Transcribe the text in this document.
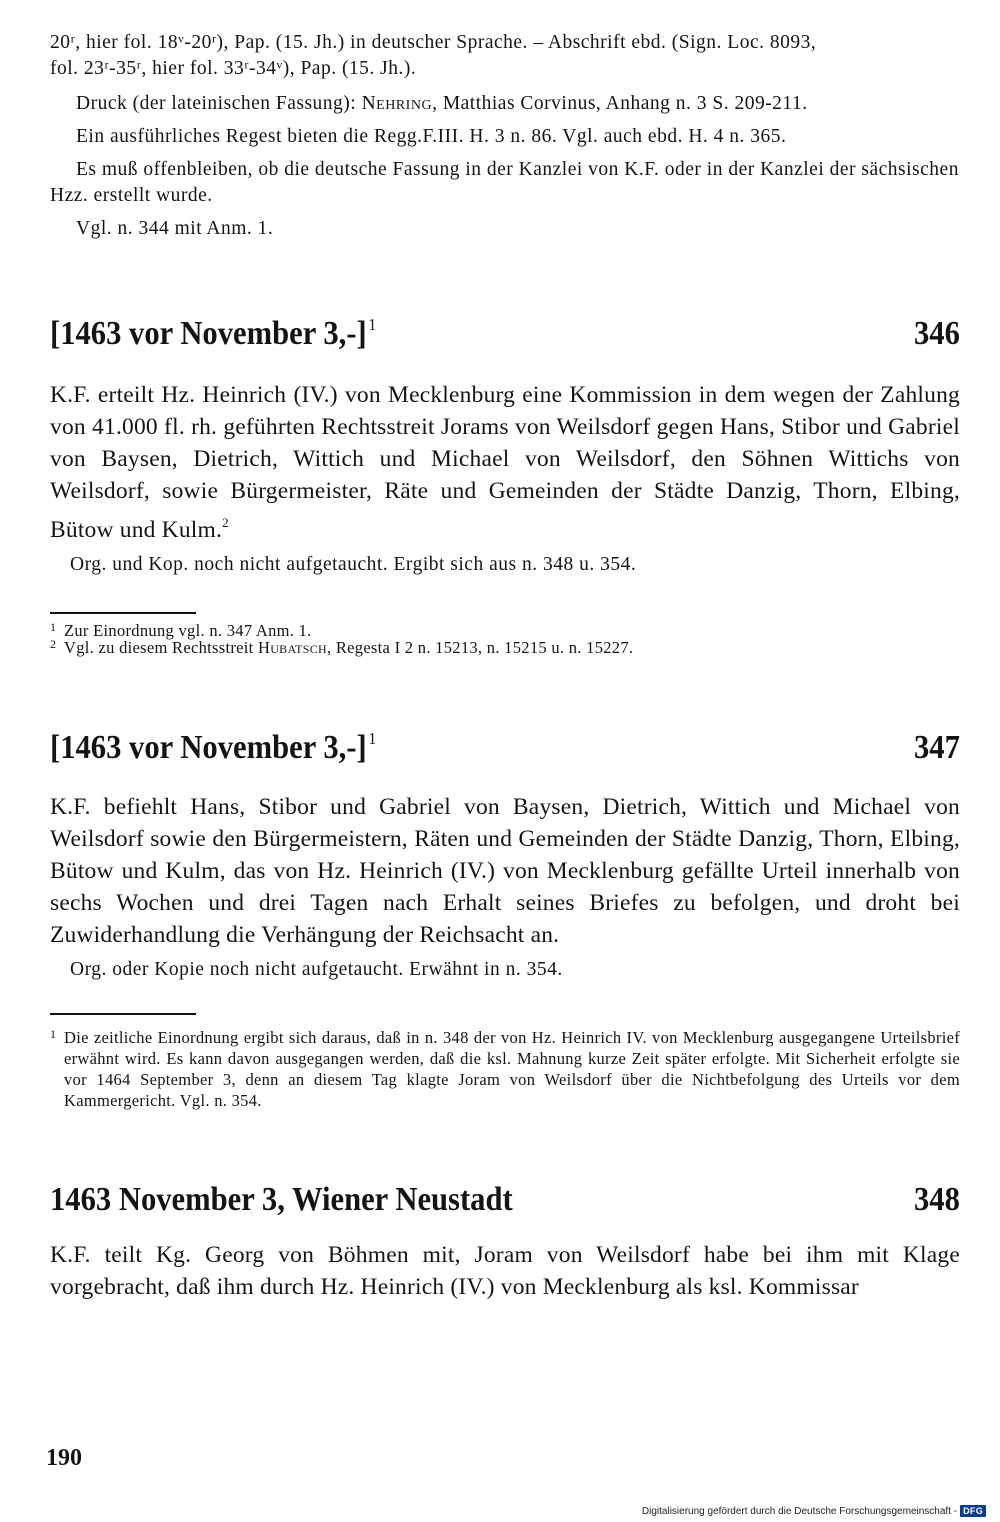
20ʳ, hier fol. 18ᵛ-20ʳ), Pap. (15. Jh.) in deutscher Sprache. – Abschrift ebd. (Sign. Loc. 8093,

fol. 23ʳ-35ʳ, hier fol. 33ʳ-34ᵛ), Pap. (15. Jh.).

Druck (der lateinischen Fassung): Nehring, Matthias Corvinus, Anhang n. 3 S. 209-211.

Ein ausführliches Regest bieten die Regg.F.III. H. 3 n. 86. Vgl. auch ebd. H. 4 n. 365.

Es muß offenbleiben, ob die deutsche Fassung in der Kanzlei von K.F. oder in der Kanzlei der sächsischen Hzz. erstellt wurde.

Vgl. n. 344 mit Anm. 1.

[1463 vor November 3,-] $^1$	346

K.F. erteilt Hz. Heinrich (IV.) von Mecklenburg eine Kommission in dem wegen der Zahlung von 41.000 fl. rh. geführten Rechtsstreit Jorams von Weilsdorf gegen Hans, Stibor und Gabriel von Baysen, Dietrich, Wittich und Michael von Weilsdorf, den Söhnen Wittichs von Weilsdorf, sowie Bürgermeister, Räte und Gemeinden der Städte Danzig, Thorn, Elbing, Bütow und Kulm.$^2$

Org. und Kop. noch nicht aufgetaucht. Ergibt sich aus n. 348 u. 354.

1 Zur Einordnung vgl. n. 347 Anm. 1.

2 Vgl. zu diesem Rechtsstreit Hubatsch, Regesta I 2 n. 15213, n. 15215 u. n. 15227.

[1463 vor November 3,-] $^1$	347

K.F. befiehlt Hans, Stibor und Gabriel von Baysen, Dietrich, Wittich und Michael von Weilsdorf sowie den Bürgermeistern, Räten und Gemeinden der Städte Danzig, Thorn, Elbing, Bütow und Kulm, das von Hz. Heinrich (IV.) von Mecklenburg gefällte Urteil innerhalb von sechs Wochen und drei Tagen nach Erhalt seines Briefes zu befolgen, und droht bei Zuwiderhandlung die Verhängung der Reichsacht an.

Org. oder Kopie noch nicht aufgetaucht. Erwähnt in n. 354.

1 Die zeitliche Einordnung ergibt sich daraus, daß in n. 348 der von Hz. Heinrich IV. von Mecklenburg ausgegangene Urteilsbrief erwähnt wird. Es kann davon ausgegangen werden, daß die ksl. Mahnung kurze Zeit später erfolgte. Mit Sicherheit erfolgte sie vor 1464 September 3, denn an diesem Tag klagte Joram von Weilsdorf über die Nichtbefolgung des Urteils vor dem Kammergericht. Vgl. n. 354.

1463 November 3, Wiener Neustadt	348

K.F. teilt Kg. Georg von Böhmen mit, Joram von Weilsdorf habe bei ihm mit Klage vorgebracht, daß ihm durch Hz. Heinrich (IV.) von Mecklenburg als ksl. Kommissar

190
Digitalisierung gefördert durch die Deutsche Forschungsgemeinschaft - DFG
